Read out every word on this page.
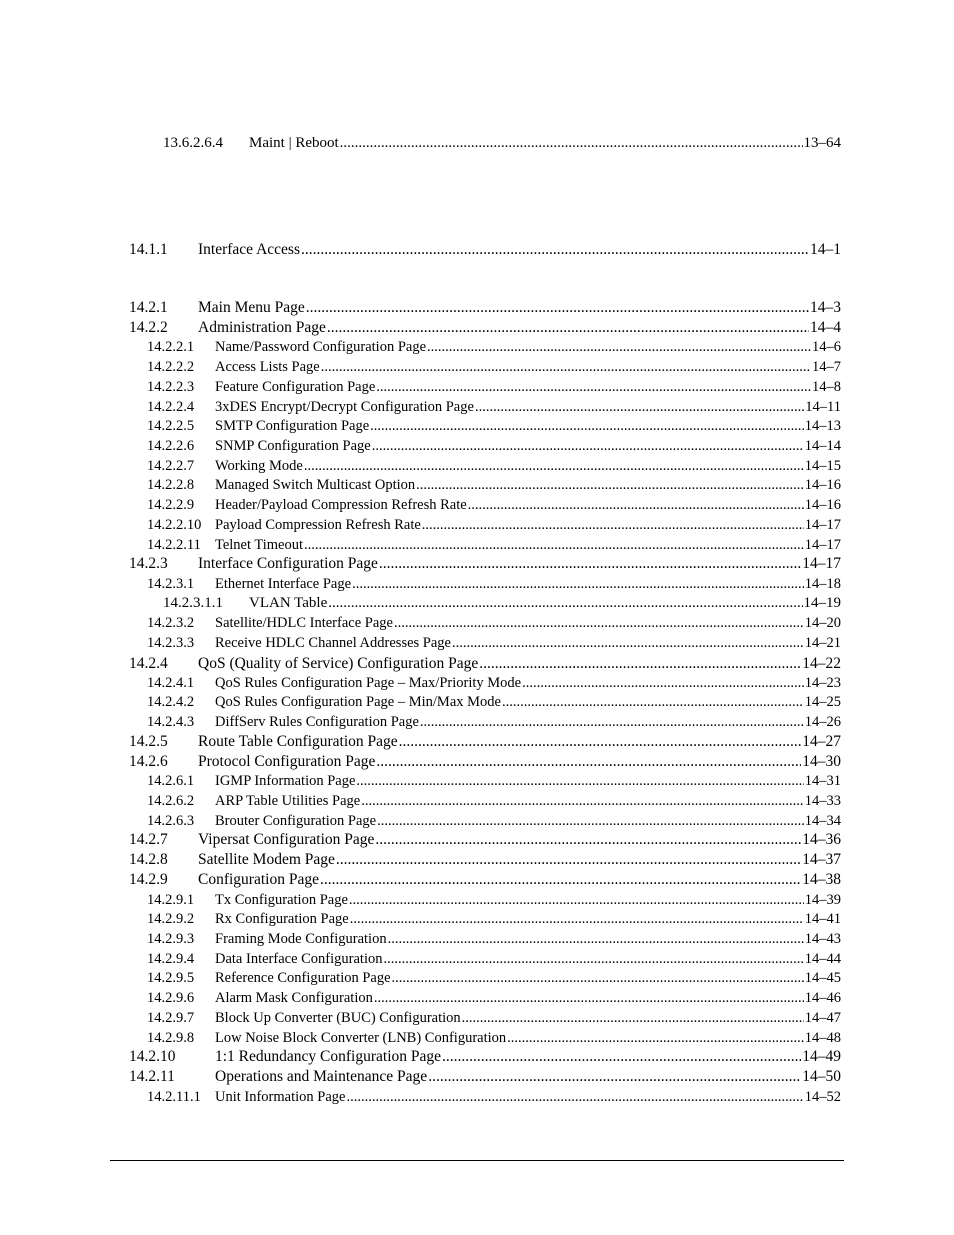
13.6.2.6.4	Maint | Reboot .....	13–64
14.1.1	Interface Access .....	14–1
14.2.1	Main Menu Page .....	14–3
14.2.2	Administration Page .....	14–4
14.2.2.1	Name/Password Configuration Page .....	14–6
14.2.2.2	Access Lists Page .....	14–7
14.2.2.3	Feature Configuration Page .....	14–8
14.2.2.4	3xDES Encrypt/Decrypt Configuration Page .....	14–11
14.2.2.5	SMTP Configuration Page .....	14–13
14.2.2.6	SNMP Configuration Page .....	14–14
14.2.2.7	Working Mode .....	14–15
14.2.2.8	Managed Switch Multicast Option .....	14–16
14.2.2.9	Header/Payload Compression Refresh Rate .....	14–16
14.2.2.10 Payload Compression Refresh Rate .....	14–17
14.2.2.11 Telnet Timeout .....	14–17
14.2.3	Interface Configuration Page .....	14–17
14.2.3.1	Ethernet Interface Page .....	14–18
14.2.3.1.1	VLAN Table .....	14–19
14.2.3.2	Satellite/HDLC Interface Page .....	14–20
14.2.3.3	Receive HDLC Channel Addresses Page .....	14–21
14.2.4	QoS (Quality of Service) Configuration Page .....	14–22
14.2.4.1	QoS Rules Configuration Page – Max/Priority Mode .....	14–23
14.2.4.2	QoS Rules Configuration Page – Min/Max Mode .....	14–25
14.2.4.3	DiffServ Rules Configuration Page .....	14–26
14.2.5	Route Table Configuration Page .....	14–27
14.2.6	Protocol Configuration Page .....	14–30
14.2.6.1	IGMP Information Page .....	14–31
14.2.6.2	ARP Table Utilities Page .....	14–33
14.2.6.3	Brouter Configuration Page .....	14–34
14.2.7	Vipersat Configuration Page .....	14–36
14.2.8	Satellite Modem Page .....	14–37
14.2.9	Configuration Page .....	14–38
14.2.9.1	Tx Configuration Page .....	14–39
14.2.9.2	Rx Configuration Page .....	14–41
14.2.9.3	Framing Mode Configuration .....	14–43
14.2.9.4	Data Interface Configuration .....	14–44
14.2.9.5	Reference Configuration Page .....	14–45
14.2.9.6	Alarm Mask Configuration .....	14–46
14.2.9.7	Block Up Converter (BUC) Configuration .....	14–47
14.2.9.8	Low Noise Block Converter (LNB) Configuration .....	14–48
14.2.10	1:1 Redundancy Configuration Page .....	14–49
14.2.11	Operations and Maintenance Page .....	14–50
14.2.11.1 Unit Information Page .....	14–52
